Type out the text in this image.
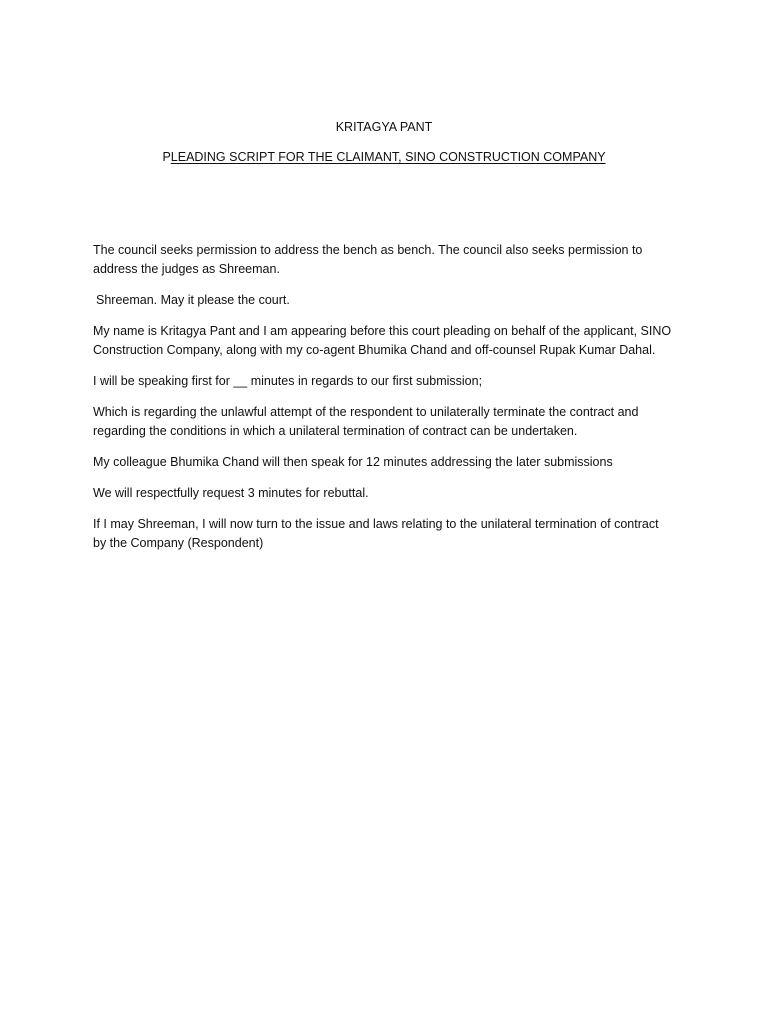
KRITAGYA PANT
PLEADING SCRIPT FOR THE CLAIMANT, SINO CONSTRUCTION COMPANY

The council seeks permission to address the bench as bench. The council also seeks permission to address the judges as Shreeman.

Shreeman. May it please the court.

My name is Kritagya Pant and I am appearing before this court pleading on behalf of the applicant, SINO Construction Company, along with my co-agent Bhumika Chand and off-counsel Rupak Kumar Dahal.

I will be speaking first for __ minutes in regards to our first submission;

Which is regarding the unlawful attempt of the respondent to unilaterally terminate the contract and regarding the conditions in which a unilateral termination of contract can be undertaken.

My colleague Bhumika Chand will then speak for 12 minutes addressing the later submissions

We will respectfully request 3 minutes for rebuttal.

If I may Shreeman, I will now turn to the issue and laws relating to the unilateral termination of contract by the Company (Respondent)
